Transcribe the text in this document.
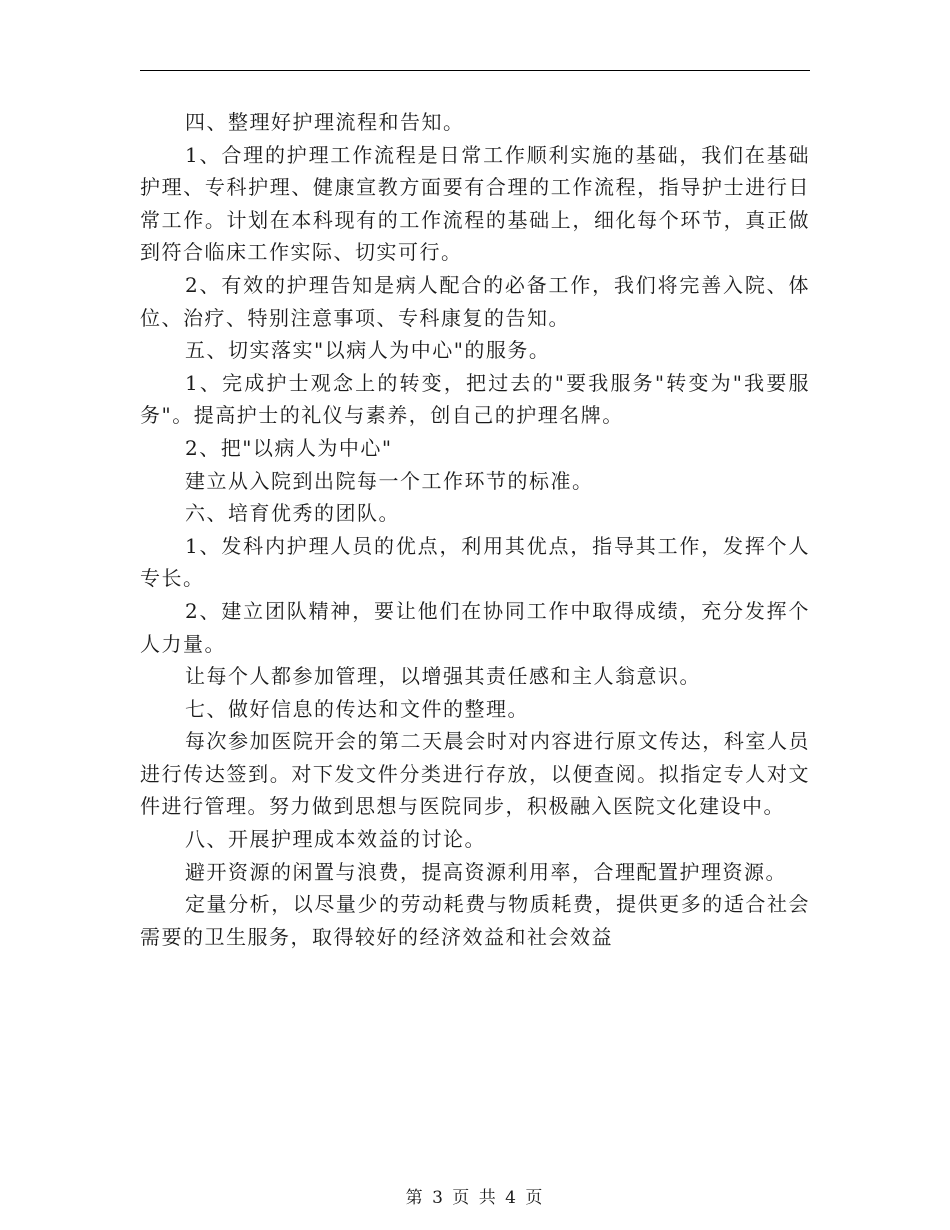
四、整理好护理流程和告知。

1、合理的护理工作流程是日常工作顺利实施的基础，我们在基础护理、专科护理、健康宣教方面要有合理的工作流程，指导护士进行日常工作。计划在本科现有的工作流程的基础上，细化每个环节，真正做到符合临床工作实际、切实可行。

2、有效的护理告知是病人配合的必备工作，我们将完善入院、体位、治疗、特别注意事项、专科康复的告知。

五、切实落实"以病人为中心"的服务。

1、完成护士观念上的转变，把过去的"要我服务"转变为"我要服务"。提高护士的礼仪与素养，创自己的护理名牌。

2、把"以病人为中心"

建立从入院到出院每一个工作环节的标准。

六、培育优秀的团队。

1、发科内护理人员的优点，利用其优点，指导其工作，发挥个人专长。

2、建立团队精神，要让他们在协同工作中取得成绩，充分发挥个人力量。

让每个人都参加管理，以增强其责任感和主人翁意识。

七、做好信息的传达和文件的整理。

每次参加医院开会的第二天晨会时对内容进行原文传达，科室人员进行传达签到。对下发文件分类进行存放，以便查阅。拟指定专人对文件进行管理。努力做到思想与医院同步，积极融入医院文化建设中。

八、开展护理成本效益的讨论。

避开资源的闲置与浪费，提高资源利用率，合理配置护理资源。

定量分析，以尽量少的劳动耗费与物质耗费，提供更多的适合社会需要的卫生服务，取得较好的经济效益和社会效益

第 3 页 共 4 页
